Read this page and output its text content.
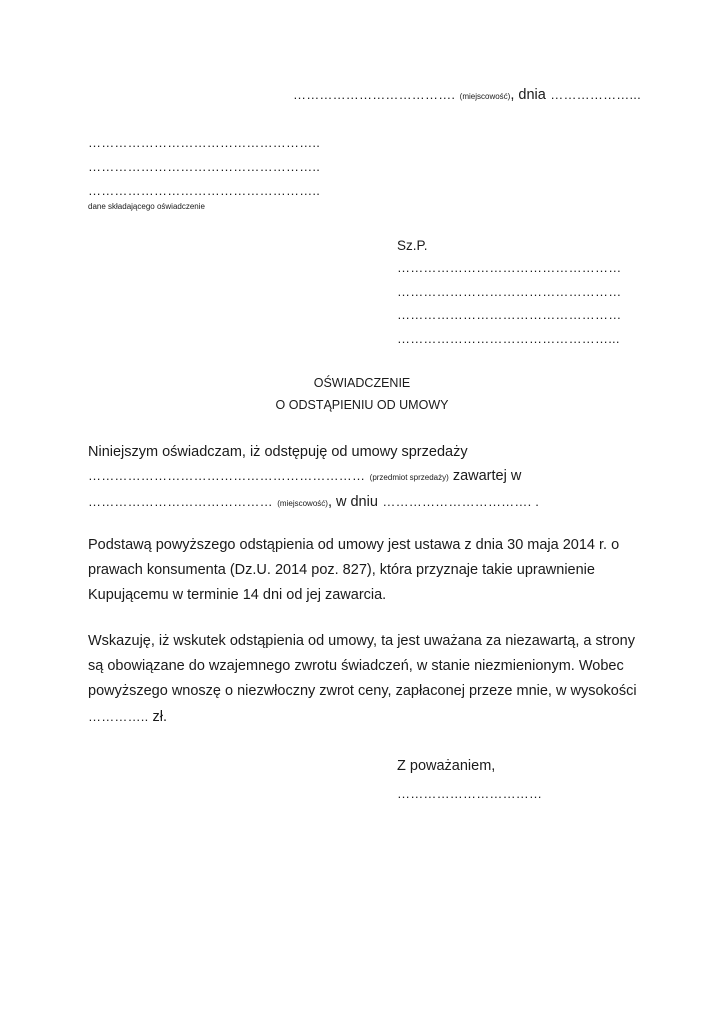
………………………………. (miejscowość), dnia ………………...
……………………………………………..
……………………………………………..
……………………………………………..
dane składającego oświadczenie
Sz.P.
……………………………………………
……………………………………………
……………………………………………
…………………………………………...
OŚWIADCZENIE
O ODSTĄPIENIU OD UMOWY
Niniejszym oświadczam, iż odstępuję od umowy sprzedaży
……………………………………………………… (przedmiot sprzedaży) zawartej w
…………………………………… (miejscowość), w dniu ……………………………. .
Podstawą powyższego odstąpienia od umowy jest ustawa z dnia 30 maja 2014 r. o prawach konsumenta (Dz.U. 2014 poz. 827), która przyznaje takie uprawnienie Kupującemu w terminie 14 dni od jej zawarcia.
Wskazuję, iż wskutek odstąpienia od umowy, ta jest uważana za niezawartą, a strony są obowiązane do wzajemnego zwrotu świadczeń, w stanie niezmienionym. Wobec powyższego wnoszę o niezwłoczny zwrot ceny, zapłaconej przeze mnie, w wysokości
………….. zł.
Z poważaniem,
……………………………
